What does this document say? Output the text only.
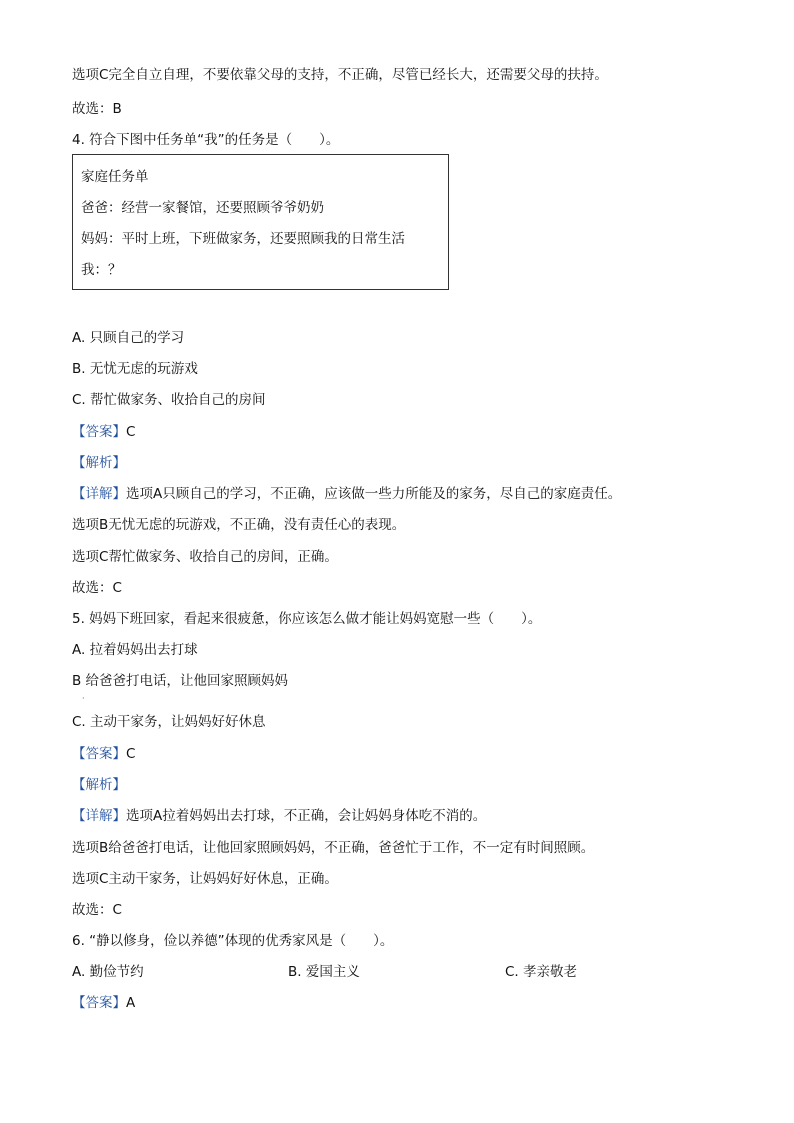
选项C完全自立自理，不要依靠父母的支持，不正确，尽管已经长大，还需要父母的扶持。
故选：B
4. 符合下图中任务单“我”的任务是（　　）。
家庭任务单
爸爸：经营一家餐馆，还要照顾爷爷奶奶
妈妈：平时上班，下班做家务，还要照顾我的日常生活
我：？
A. 只顾自己的学习
B. 无忧无虑的玩游戏
C. 帮忙做家务、收拾自己的房间
【答案】C
【解析】
【详解】选项A只顾自己的学习，不正确，应该做一些力所能及的家务，尽自己的家庭责任。
选项B无忧无虑的玩游戏，不正确，没有责任心的表现。
选项C帮忙做家务、收拾自己的房间，正确。
故选：C
5. 妈妈下班回家，看起来很疲惫，你应该怎么做才能让妈妈宽慰一些（　　）。
A. 拉着妈妈出去打球
B 给爸爸打电话，让他回家照顾妈妈
·
C. 主动干家务，让妈妈好好休息
【答案】C
【解析】
【详解】选项A拉着妈妈出去打球，不正确，会让妈妈身体吃不消的。
选项B给爸爸打电话，让他回家照顾妈妈，不正确，爸爸忙于工作，不一定有时间照顾。
选项C主动干家务，让妈妈好好休息，正确。
故选：C
6. “静以修身，俭以养德”体现的优秀家风是（　　）。
A. 勤俭节约	B. 爱国主义	C. 孝亲敬老
【答案】A
